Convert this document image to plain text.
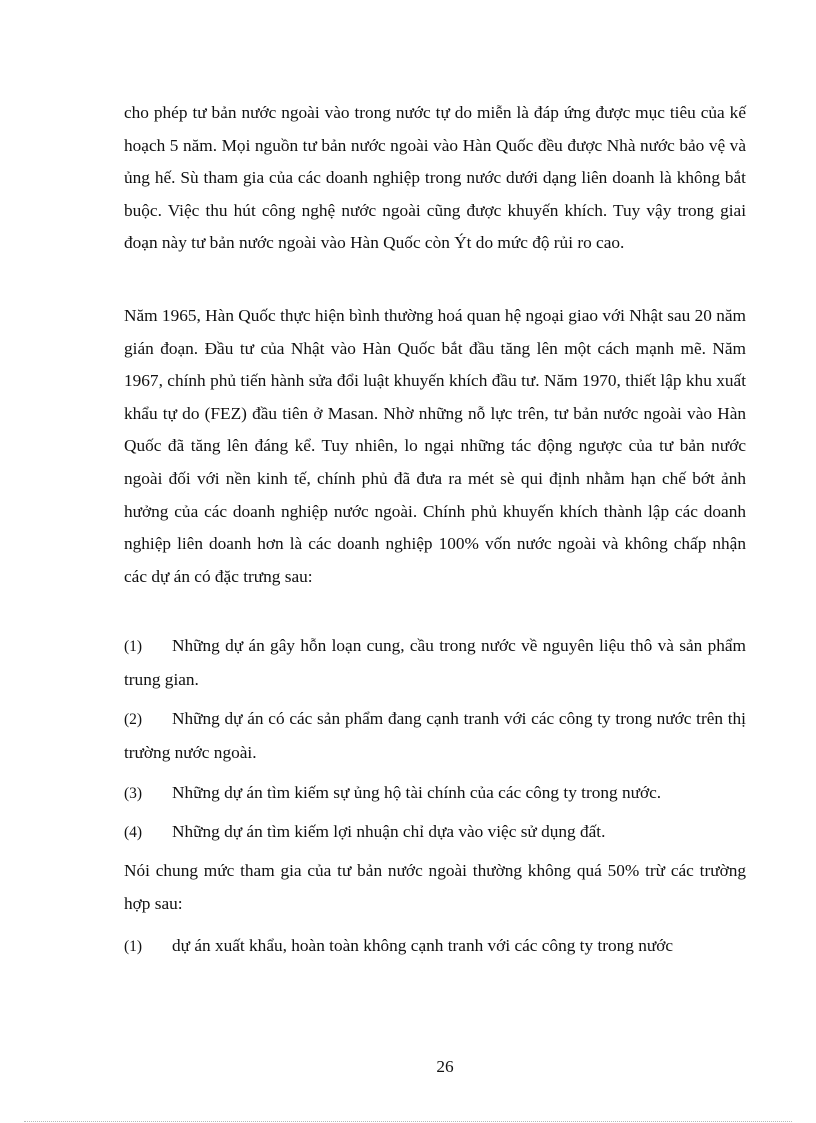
cho phép tư bản nước ngoài vào trong nước tự do miễn là đáp ứng được mục tiêu của kế hoạch 5 năm. Mọi nguồn tư bản nước ngoài vào Hàn Quốc đều được Nhà nước bảo vệ và ủng hế. Sù tham gia của các doanh nghiệp trong nước dưới dạng liên doanh là không bắt buộc. Việc thu hút công nghệ nước ngoài cũng được khuyến khích. Tuy vậy trong giai đoạn này tư bản nước ngoài vào Hàn Quốc còn Ýt do mức độ rủi ro cao.

Năm 1965, Hàn Quốc thực hiện bình thường hoá quan hệ ngoại giao với Nhật sau 20 năm gián đoạn. Đầu tư của Nhật vào Hàn Quốc bắt đầu tăng lên một cách mạnh mẽ. Năm 1967, chính phủ tiến hành sửa đổi luật khuyến khích đầu tư. Năm 1970, thiết lập khu xuất khẩu tự do (FEZ) đầu tiên ở Masan. Nhờ những nỗ lực trên, tư bản nước ngoài vào Hàn Quốc đã tăng lên đáng kể. Tuy nhiên, lo ngại những tác động ngược của tư bản nước ngoài đối với nền kinh tế, chính phủ đã đưa ra mét sè qui định nhằm hạn chế bớt ảnh hưởng của các doanh nghiệp nước ngoài. Chính phủ khuyến khích thành lập các doanh nghiệp liên doanh hơn là các doanh nghiệp 100% vốn nước ngoài và không chấp nhận các dự án có đặc trưng sau:

(1) Những dự án gây hỗn loạn cung, cầu trong nước về nguyên liệu thô và sản phẩm trung gian.
(2) Những dự án có các sản phẩm đang cạnh tranh với các công ty trong nước trên thị trường nước ngoài.
(3) Những dự án tìm kiếm sự ủng hộ tài chính của các công ty trong nước.
(4) Những dự án tìm kiếm lợi nhuận chỉ dựa vào việc sử dụng đất.

Nói chung mức tham gia của tư bản nước ngoài thường không quá 50% trừ các trường hợp sau:

(1) dự án xuất khẩu, hoàn toàn không cạnh tranh với các công ty trong nước
26
